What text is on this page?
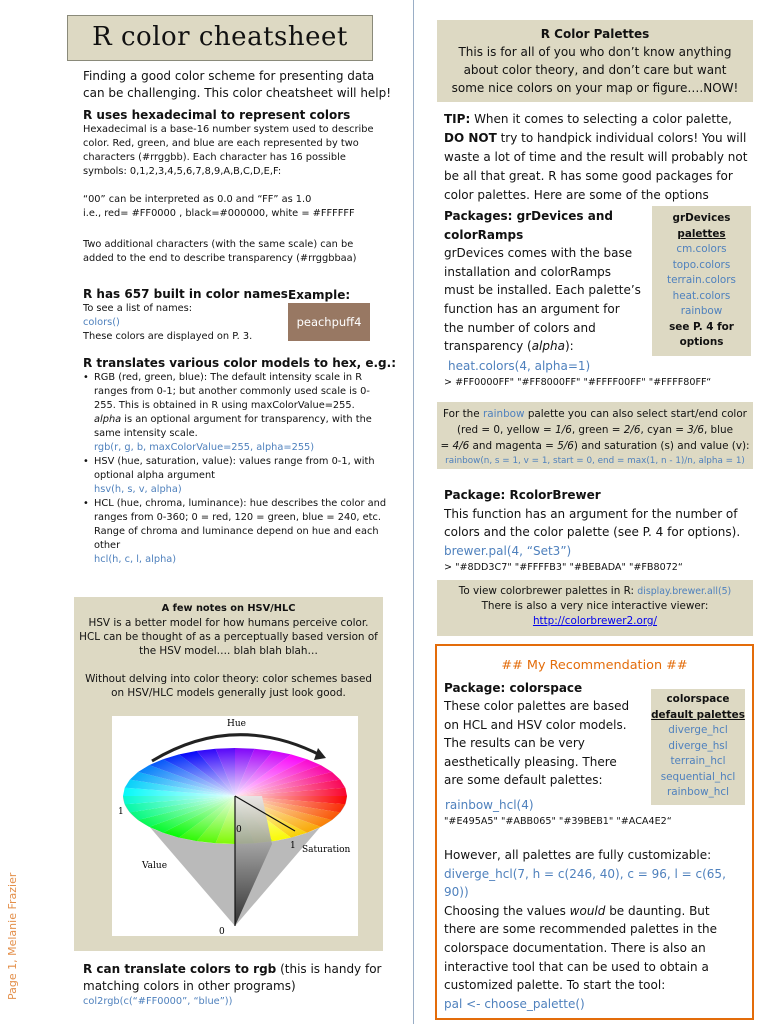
R color cheatsheet
Finding a good color scheme for presenting data
can be challenging. This color cheatsheet will help!
R uses hexadecimal to represent colors
Hexadecimal is a base-16 number system used to describe
color. Red, green, and blue are each represented by two
characters (#rrggbb). Each character has 16 possible
symbols: 0,1,2,3,4,5,6,7,8,9,A,B,C,D,E,F:
“00” can be interpreted as 0.0 and “FF” as 1.0
i.e., red= #FF0000 , black=#000000, white = #FFFFFF
Two additional characters (with the same scale) can be
added to the end to describe transparency (#rrggbbaa)
R has 657 built in color names
To see a list of names:
colors()
These colors are displayed on P. 3.
Example:
peachpuff4
R translates various color models to hex, e.g.:
• RGB (red, green, blue): The default intensity scale in R
ranges from 0-1; but another commonly used scale is 0-
255. This is obtained in R using maxColorValue=255.
alpha is an optional argument for transparency, with the
same intensity scale.
rgb(r, g, b, maxColorValue=255, alpha=255)
• HSV (hue, saturation, value): values range from 0-1, with
optional alpha argument
hsv(h, s, v, alpha)
• HCL (hue, chroma, luminance): hue describes the color and
ranges from 0-360; 0 = red, 120 = green, blue = 240, etc.
Range of chroma and luminance depend on hue and each
other
hcl(h, c, l, alpha)
A few notes on HSV/HLC
HSV is a better model for how humans perceive color.
HCL can be thought of as a perceptually based version of
the HSV model…. blah blah blah…
Without delving into color theory: color schemes based
on HSV/HLC models generally just look good.
Hue
Saturation
Value
1
1
0
0
R can translate colors to rgb (this is handy for
matching colors in other programs)
col2rgb(c(“#FF0000”, “blue”))
Page 1, Melanie Frazier
R Color Palettes
This is for all of you who don’t know anything
about color theory, and don’t care but want
some nice colors on your map or figure….NOW!
TIP: When it comes to selecting a color palette,
DO NOT try to handpick individual colors! You will
waste a lot of time and the result will probably not
be all that great. R has some good packages for
color palettes. Here are some of the options
Packages: grDevices and
colorRamps
grDevices comes with the base
installation and colorRamps
must be installed. Each palette’s
function has an argument for
the number of colors and
transparency (alpha):
heat.colors(4, alpha=1)
> #FF0000FF" "#FF8000FF" "#FFFF00FF" "#FFFF80FF“
grDevices
palettes
cm.colors
topo.colors
terrain.colors
heat.colors
rainbow
see P. 4 for
options
For the rainbow palette you can also select start/end color
(red = 0, yellow = 1/6, green = 2/6, cyan = 3/6, blue
= 4/6 and magenta = 5/6) and saturation (s) and value (v):
rainbow(n, s = 1, v = 1, start = 0, end = max(1, n - 1)/n, alpha = 1)
Package: RcolorBrewer
This function has an argument for the number of
colors and the color palette (see P. 4 for options).
brewer.pal(4, “Set3”)
> "#8DD3C7" "#FFFFB3" "#BEBADA" "#FB8072“
To view colorbrewer palettes in R: display.brewer.all(5)
There is also a very nice interactive viewer:
http://colorbrewer2.org/
## My Recommendation ##
Package: colorspace
These color palettes are based
on HCL and HSV color models.
The results can be very
aesthetically pleasing. There
are some default palettes:
rainbow_hcl(4)
"#E495A5" "#ABB065" "#39BEB1" "#ACA4E2“
colorspace
default palettes
diverge_hcl
diverge_hsl
terrain_hcl
sequential_hcl
rainbow_hcl
However, all palettes are fully customizable:
diverge_hcl(7, h = c(246, 40), c = 96, l = c(65, 90))
Choosing the values would be daunting. But
there are some recommended palettes in the
colorspace documentation. There is also an
interactive tool that can be used to obtain a
customized palette. To start the tool:
pal <- choose_palette()
